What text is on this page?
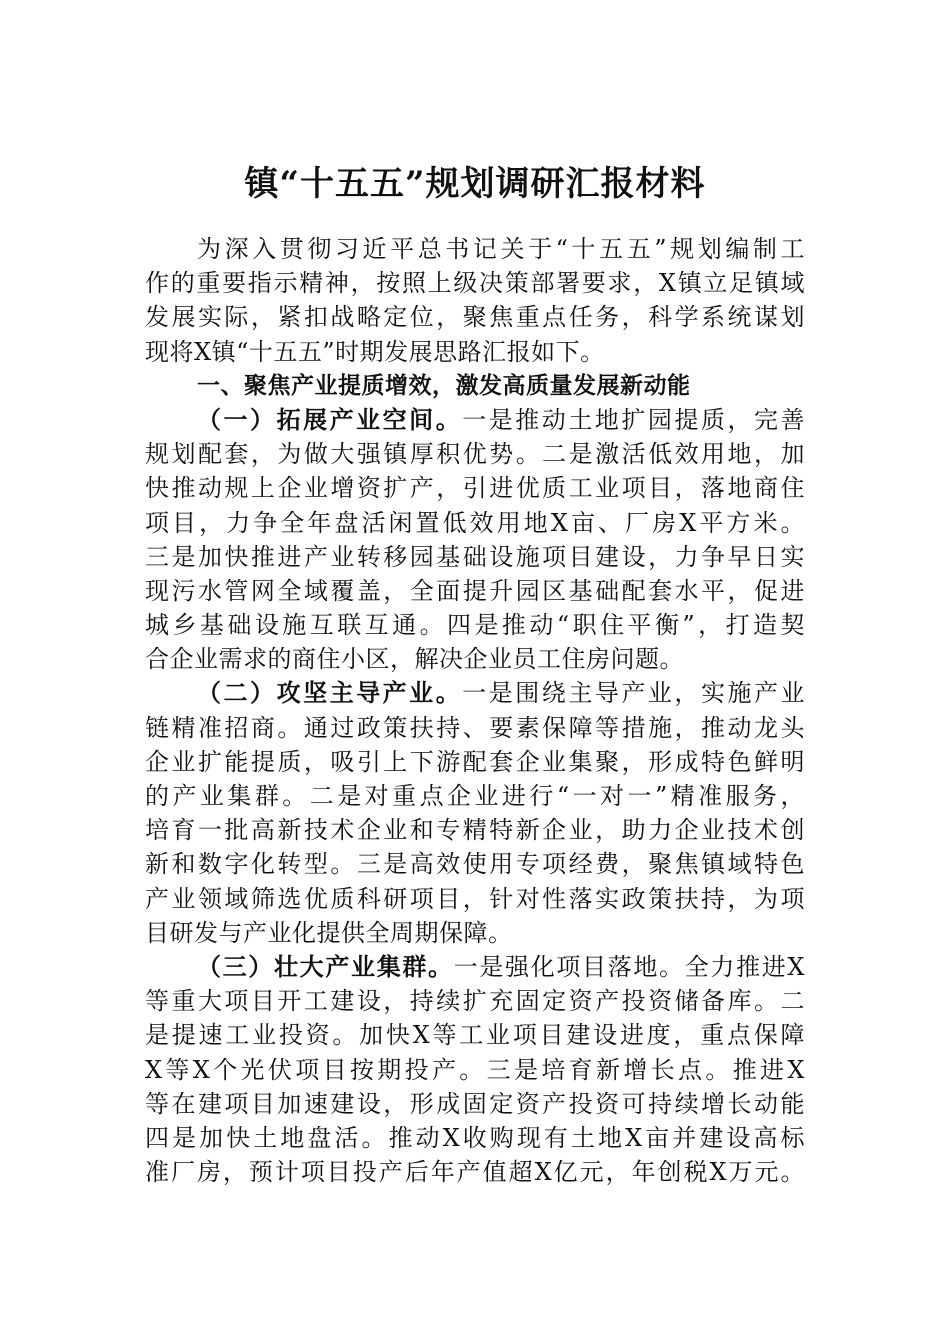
镇“十五五”规划调研汇报材料
为深入贯彻习近平总书记关于“十五五”规划编制工
作的重要指示精神，按照上级决策部署要求，X镇立足镇域
发展实际，紧扣战略定位，聚焦重点任务，科学系统谋划
现将X镇“十五五”时期发展思路汇报如下。
一、聚焦产业提质增效，激发高质量发展新动能
（一）拓展产业空间。一是推动土地扩园提质，完善
规划配套，为做大强镇厚积优势。二是激活低效用地，加
快推动规上企业增资扩产，引进优质工业项目，落地商住
项目，力争全年盘活闲置低效用地X亩、厂房X平方米。
三是加快推进产业转移园基础设施项目建设，力争早日实
现污水管网全域覆盖，全面提升园区基础配套水平，促进
城乡基础设施互联互通。四是推动“职住平衡”，打造契
合企业需求的商住小区，解决企业员工住房问题。
（二）攻坚主导产业。一是围绕主导产业，实施产业
链精准招商。通过政策扶持、要素保障等措施，推动龙头
企业扩能提质，吸引上下游配套企业集聚，形成特色鲜明
的产业集群。二是对重点企业进行“一对一”精准服务，
培育一批高新技术企业和专精特新企业，助力企业技术创
新和数字化转型。三是高效使用专项经费，聚焦镇域特色
产业领域筛选优质科研项目，针对性落实政策扶持，为项
目研发与产业化提供全周期保障。
（三）壮大产业集群。一是强化项目落地。全力推进X
等重大项目开工建设，持续扩充固定资产投资储备库。二
是提速工业投资。加快X等工业项目建设进度，重点保障
X等X个光伏项目按期投产。三是培育新增长点。推进X
等在建项目加速建设，形成固定资产投资可持续增长动能
四是加快土地盘活。推动X收购现有土地X亩并建设高标
准厂房，预计项目投产后年产值超X亿元，年创税X万元。
